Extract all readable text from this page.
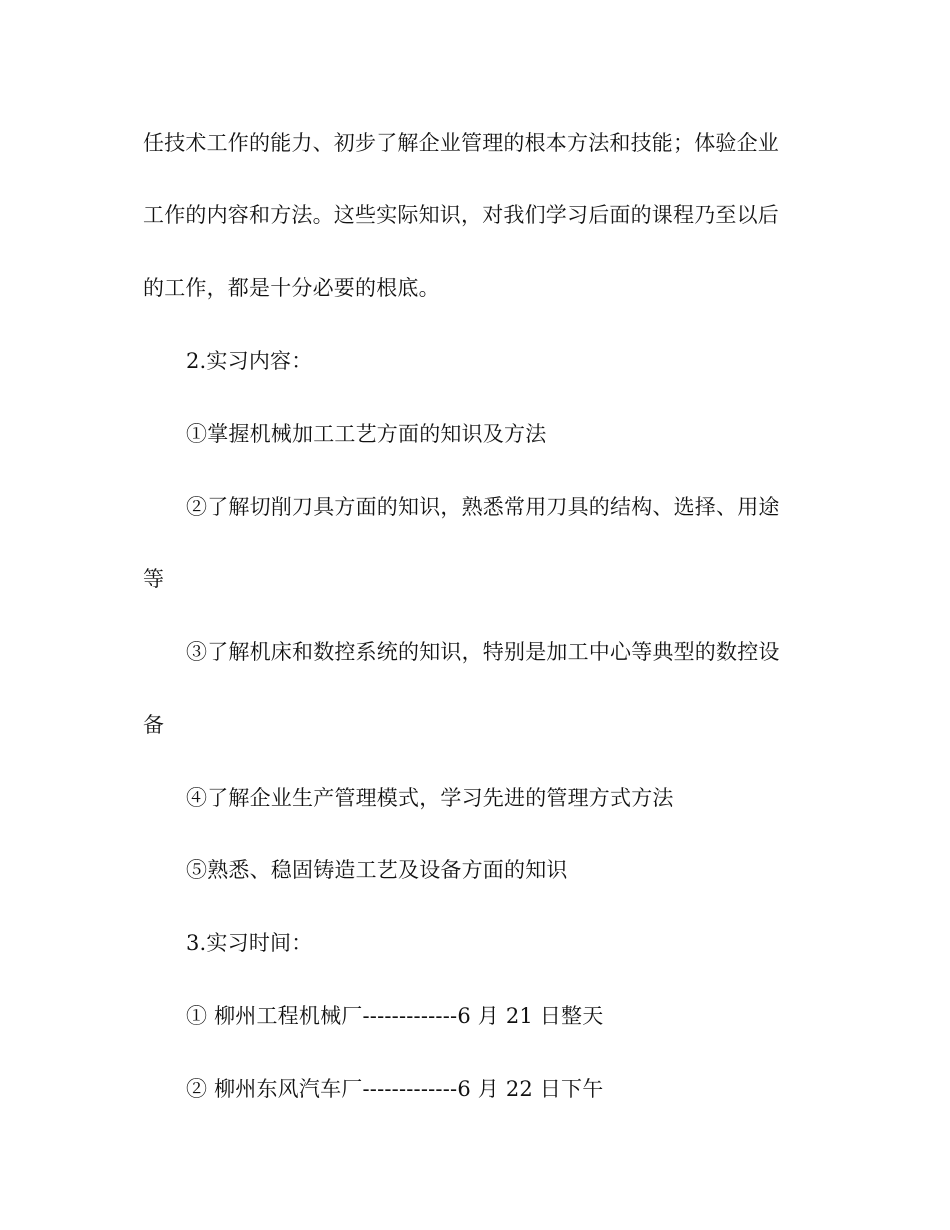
任技术工作的能力、初步了解企业管理的根本方法和技能；体验企业
工作的内容和方法。这些实际知识，对我们学习后面的课程乃至以后
的工作，都是十分必要的根底。
2.实习内容：
①掌握机械加工工艺方面的知识及方法
②了解切削刀具方面的知识，熟悉常用刀具的结构、选择、用途
等
③了解机床和数控系统的知识，特别是加工中心等典型的数控设
备
④了解企业生产管理模式，学习先进的管理方式方法
⑤熟悉、稳固铸造工艺及设备方面的知识
3.实习时间：
① 柳州工程机械厂-------------6 月 21 日整天
② 柳州东风汽车厂-------------6 月 22 日下午
